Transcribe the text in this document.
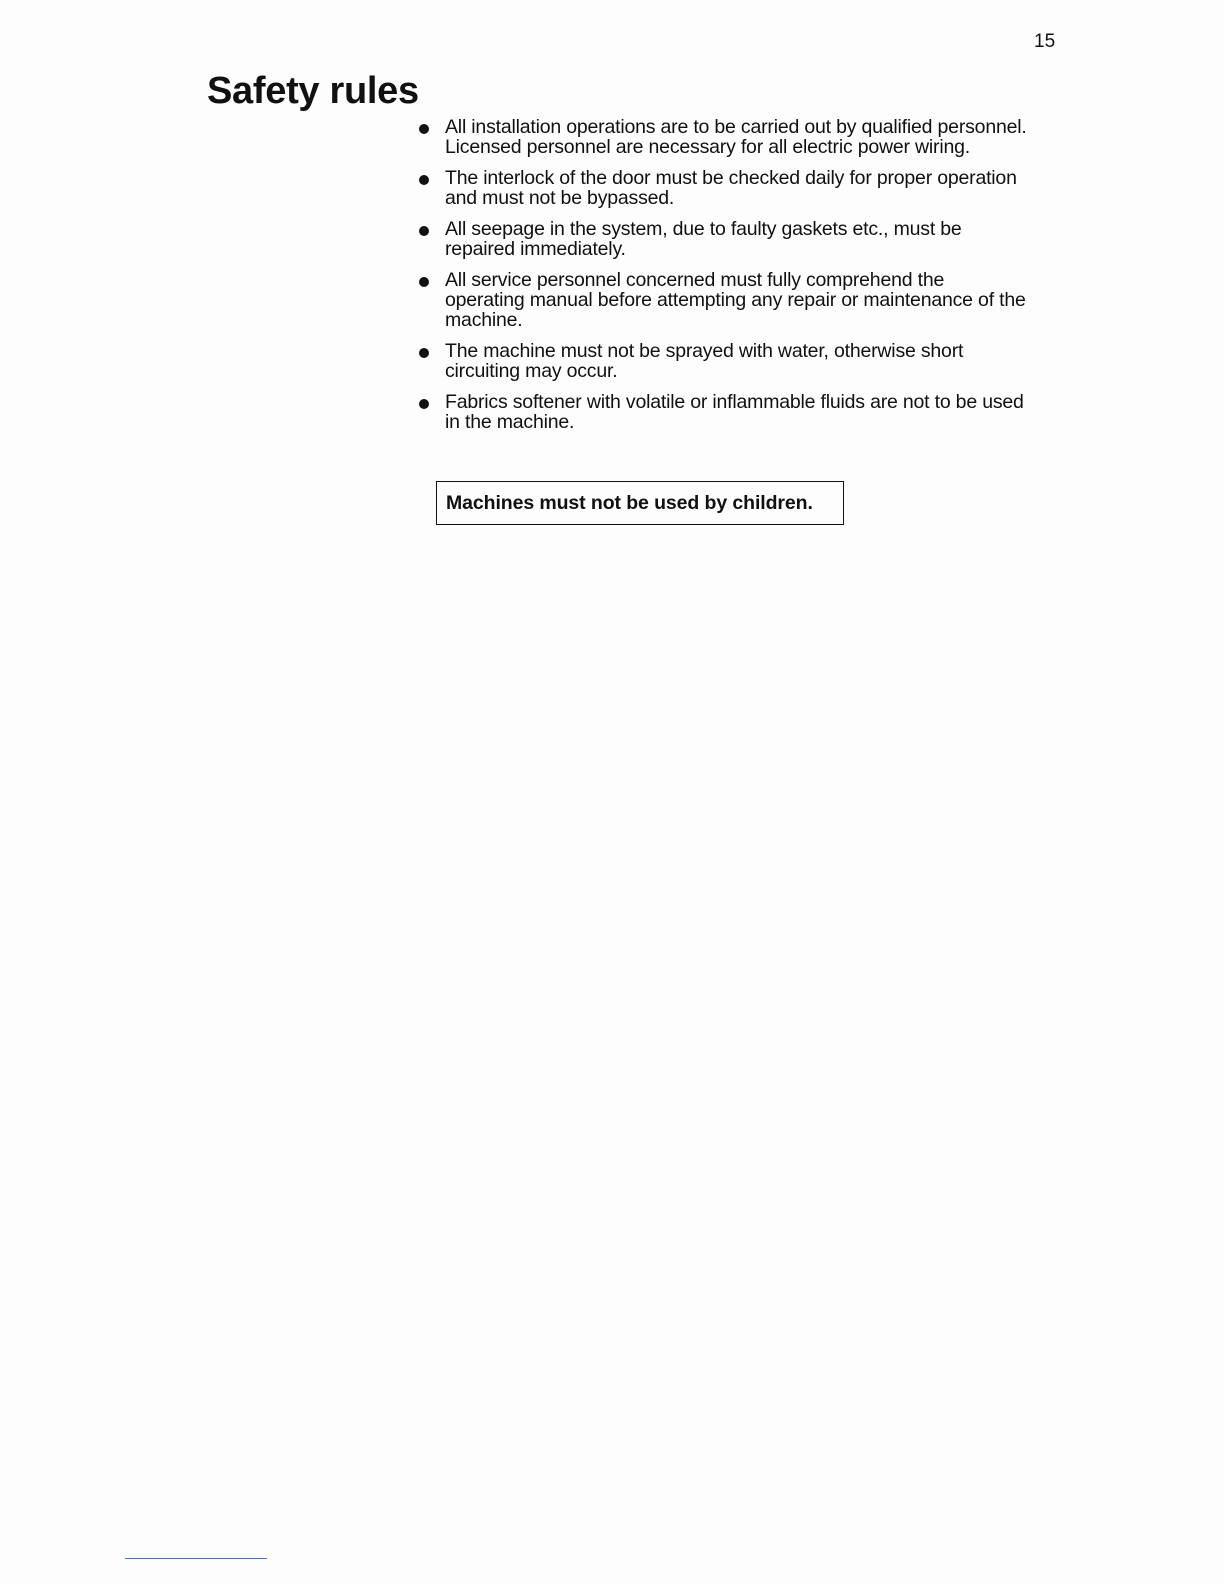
15
Safety rules
All installation operations are to be carried out by qualified personnel.
Licensed personnel are necessary for all electric power wiring.
The interlock of the door must be checked daily for proper operation
and must not be bypassed.
All seepage in the system, due to faulty gaskets etc., must be
repaired immediately.
All service personnel concerned must fully comprehend the
operating manual before attempting any repair or maintenance of the
machine.
The machine must not be sprayed with water, otherwise short
circuiting may occur.
Fabrics softener with volatile or inflammable fluids are not to be used
in the machine.
Machines must not be used by children.
